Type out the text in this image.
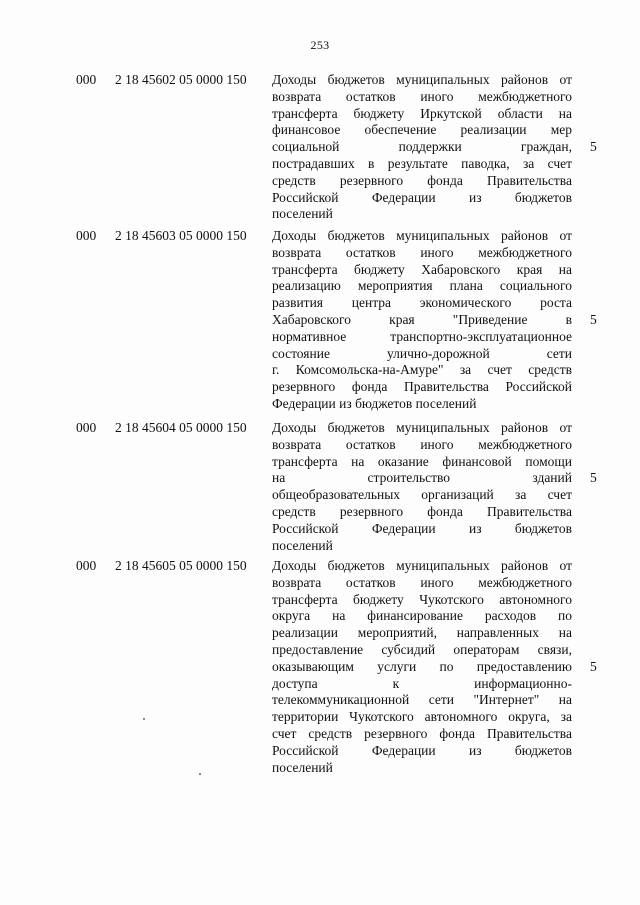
253
000 2 18 45602 05 0000 150 Доходы бюджетов муниципальных районов от
возврата остатков иного межбюджетного
трансферта бюджету Иркутской области на
финансовое обеспечение реализации мер
социальной поддержки граждан,
пострадавших в результате паводка, за счет
средств резервного фонда Правительства
Российской Федерации из бюджетов
поселений
5
000 2 18 45603 05 0000 150 Доходы бюджетов муниципальных районов от
возврата остатков иного межбюджетного
трансферта бюджету Хабаровского края на
реализацию мероприятия плана социального
развития центра экономического роста
Хабаровского края "Приведение в
нормативное транспортно-эксплуатационное
состояние улично-дорожной сети
г. Комсомольска-на-Амуре" за счет средств
резервного фонда Правительства Российской
Федерации из бюджетов поселений
5
000 2 18 45604 05 0000 150 Доходы бюджетов муниципальных районов от
возврата остатков иного межбюджетного
трансферта на оказание финансовой помощи
на строительство зданий
общеобразовательных организаций за счет
средств резервного фонда Правительства
Российской Федерации из бюджетов
поселений
5
000 2 18 45605 05 0000 150 Доходы бюджетов муниципальных районов от
возврата остатков иного межбюджетного
трансферта бюджету Чукотского автономного
округа на финансирование расходов по
реализации мероприятий, направленных на
предоставление субсидий операторам связи,
оказывающим услуги по предоставлению
доступа к информационно-
телекоммуникационной сети "Интернет" на
территории Чукотского автономного округа, за
счет средств резервного фонда Правительства
Российской Федерации из бюджетов
поселений
5
